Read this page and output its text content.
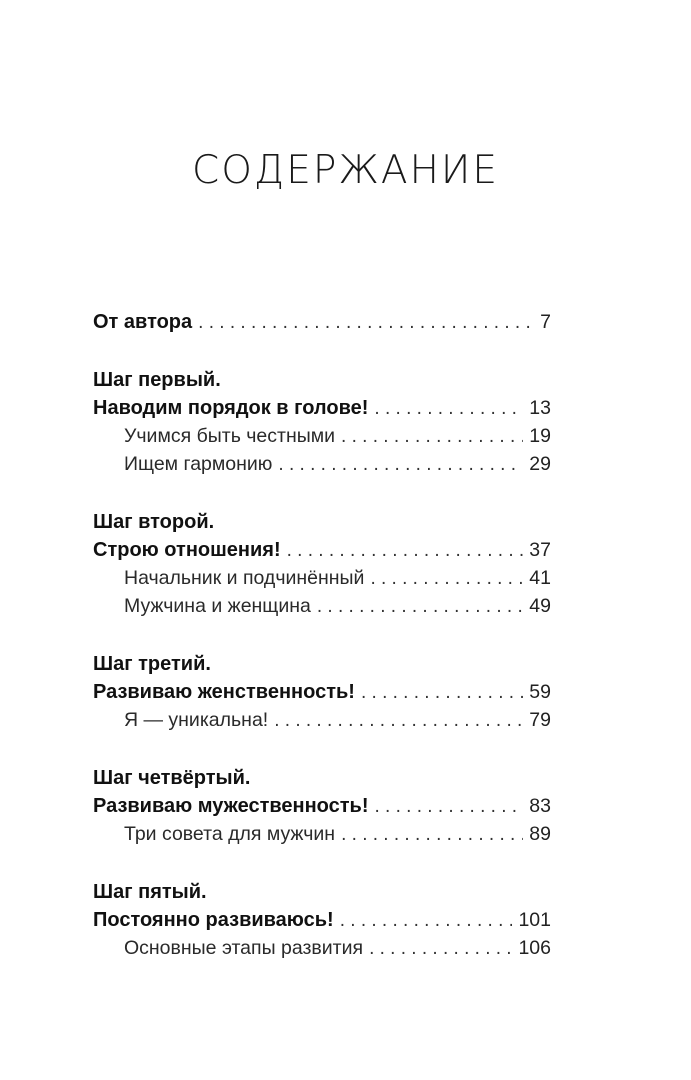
СОДЕРЖАНИЕ
От автора . . .	7
Шаг первый.
Наводим порядок в голове! . . .	13
Учимся быть честными . . .	19
Ищем гармонию . . .	29
Шаг второй.
Строю отношения! . . .	37
Начальник и подчинённый . . .	41
Мужчина и женщина . . .	49
Шаг третий.
Развиваю женственность! . . .	59
Я — уникальна! . . .	79
Шаг четвёртый.
Развиваю мужественность! . . .	83
Три совета для мужчин . . .	89
Шаг пятый.
Постоянно развиваюсь! . . .	101
Основные этапы развития . . .	106
